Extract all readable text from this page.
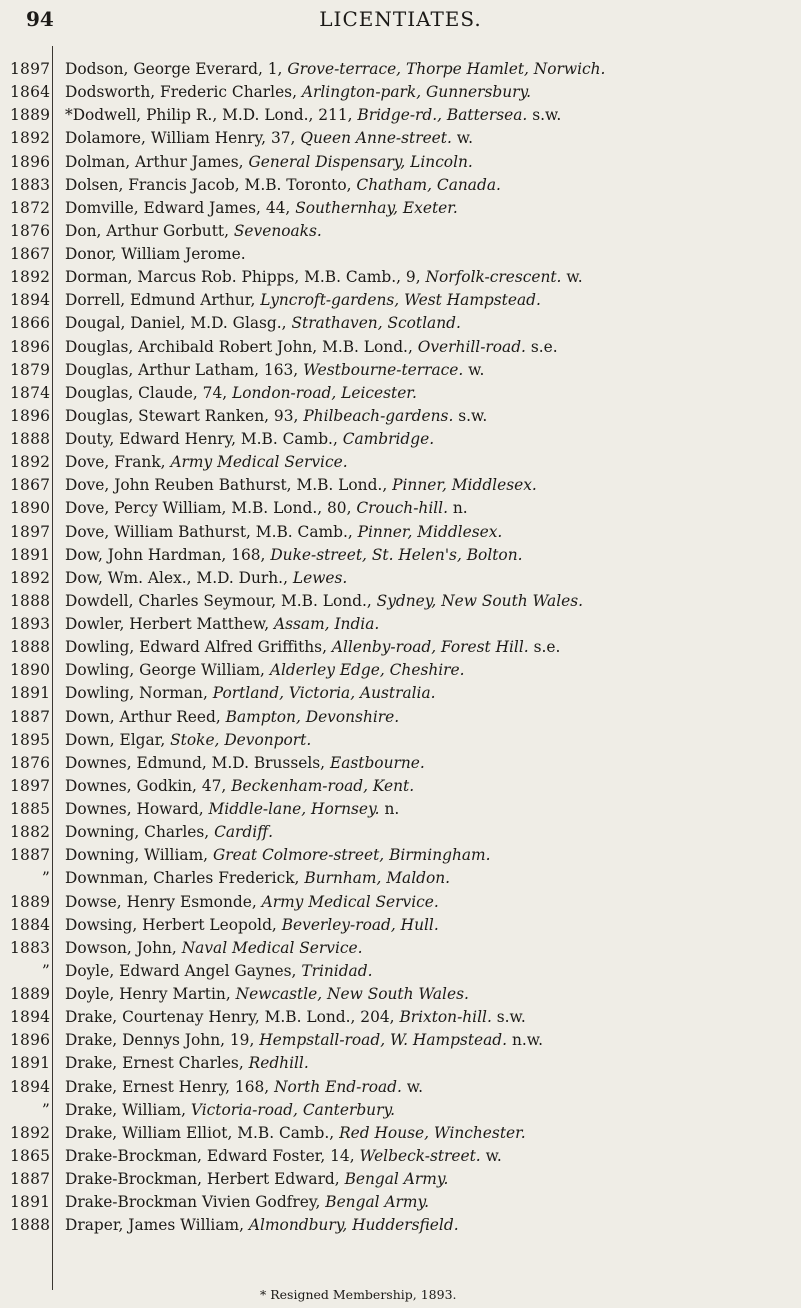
94	LICENTIATES.
1897 Dodson, George Everard, 1, Grove-terrace, Thorpe Hamlet, Norwich.
1864 Dodsworth, Frederic Charles, Arlington-park, Gunnersbury.
1889 *Dodwell, Philip R., M.D. Lond., 211, Bridge-rd., Battersea. s.w.
1892 Dolamore, William Henry, 37, Queen Anne-street. w.
1896 Dolman, Arthur James, General Dispensary, Lincoln.
1883 Dolsen, Francis Jacob, M.B. Toronto, Chatham, Canada.
1872 Domville, Edward James, 44, Southernhay, Exeter.
1876 Don, Arthur Gorbutt, Sevenoaks.
1867 Donor, William Jerome.
1892 Dorman, Marcus Rob. Phipps, M.B. Camb., 9, Norfolk-crescent. w.
1894 Dorrell, Edmund Arthur, Lyncroft-gardens, West Hampstead.
1866 Dougal, Daniel, M.D. Glasg., Strathaven, Scotland.
1896 Douglas, Archibald Robert John, M.B. Lond., Overhill-road. s.e.
1879 Douglas, Arthur Latham, 163, Westbourne-terrace. w.
1874 Douglas, Claude, 74, London-road, Leicester.
1896 Douglas, Stewart Ranken, 93, Philbeach-gardens. s.w.
1888 Douty, Edward Henry, M.B. Camb., Cambridge.
1892 Dove, Frank, Army Medical Service.
1867 Dove, John Reuben Bathurst, M.B. Lond., Pinner, Middlesex.
1890 Dove, Percy William, M.B. Lond., 80, Crouch-hill. n.
1897 Dove, William Bathurst, M.B. Camb., Pinner, Middlesex.
1891 Dow, John Hardman, 168, Duke-street, St. Helen's, Bolton.
1892 Dow, Wm. Alex., M.D. Durh., Lewes.
1888 Dowdell, Charles Seymour, M.B. Lond., Sydney, New South Wales.
1893 Dowler, Herbert Matthew, Assam, India.
1888 Dowling, Edward Alfred Griffiths, Allenby-road, Forest Hill. s.e.
1890 Dowling, George William, Alderley Edge, Cheshire.
1891 Dowling, Norman, Portland, Victoria, Australia.
1887 Down, Arthur Reed, Bampton, Devonshire.
1895 Down, Elgar, Stoke, Devonport.
1876 Downes, Edmund, M.D. Brussels, Eastbourne.
1897 Downes, Godkin, 47, Beckenham-road, Kent.
1885 Downes, Howard, Middle-lane, Hornsey. n.
1882 Downing, Charles, Cardiff.
1887 Downing, William, Great Colmore-street, Birmingham.
” Downman, Charles Frederick, Burnham, Maldon.
1889 Dowse, Henry Esmonde, Army Medical Service.
1884 Dowsing, Herbert Leopold, Beverley-road, Hull.
1883 Dowson, John, Naval Medical Service.
” Doyle, Edward Angel Gaynes, Trinidad.
1889 Doyle, Henry Martin, Newcastle, New South Wales.
1894 Drake, Courtenay Henry, M.B. Lond., 204, Brixton-hill. s.w.
1896 Drake, Dennys John, 19, Hempstall-road, W. Hampstead. n.w.
1891 Drake, Ernest Charles, Redhill.
1894 Drake, Ernest Henry, 168, North End-road. w.
” Drake, William, Victoria-road, Canterbury.
1892 Drake, William Elliot, M.B. Camb., Red House, Winchester.
1865 Drake-Brockman, Edward Foster, 14, Welbeck-street. w.
1887 Drake-Brockman, Herbert Edward, Bengal Army.
1891 Drake-Brockman Vivien Godfrey, Bengal Army.
1888 Draper, James William, Almondbury, Huddersfield.
* Resigned Membership, 1893.
